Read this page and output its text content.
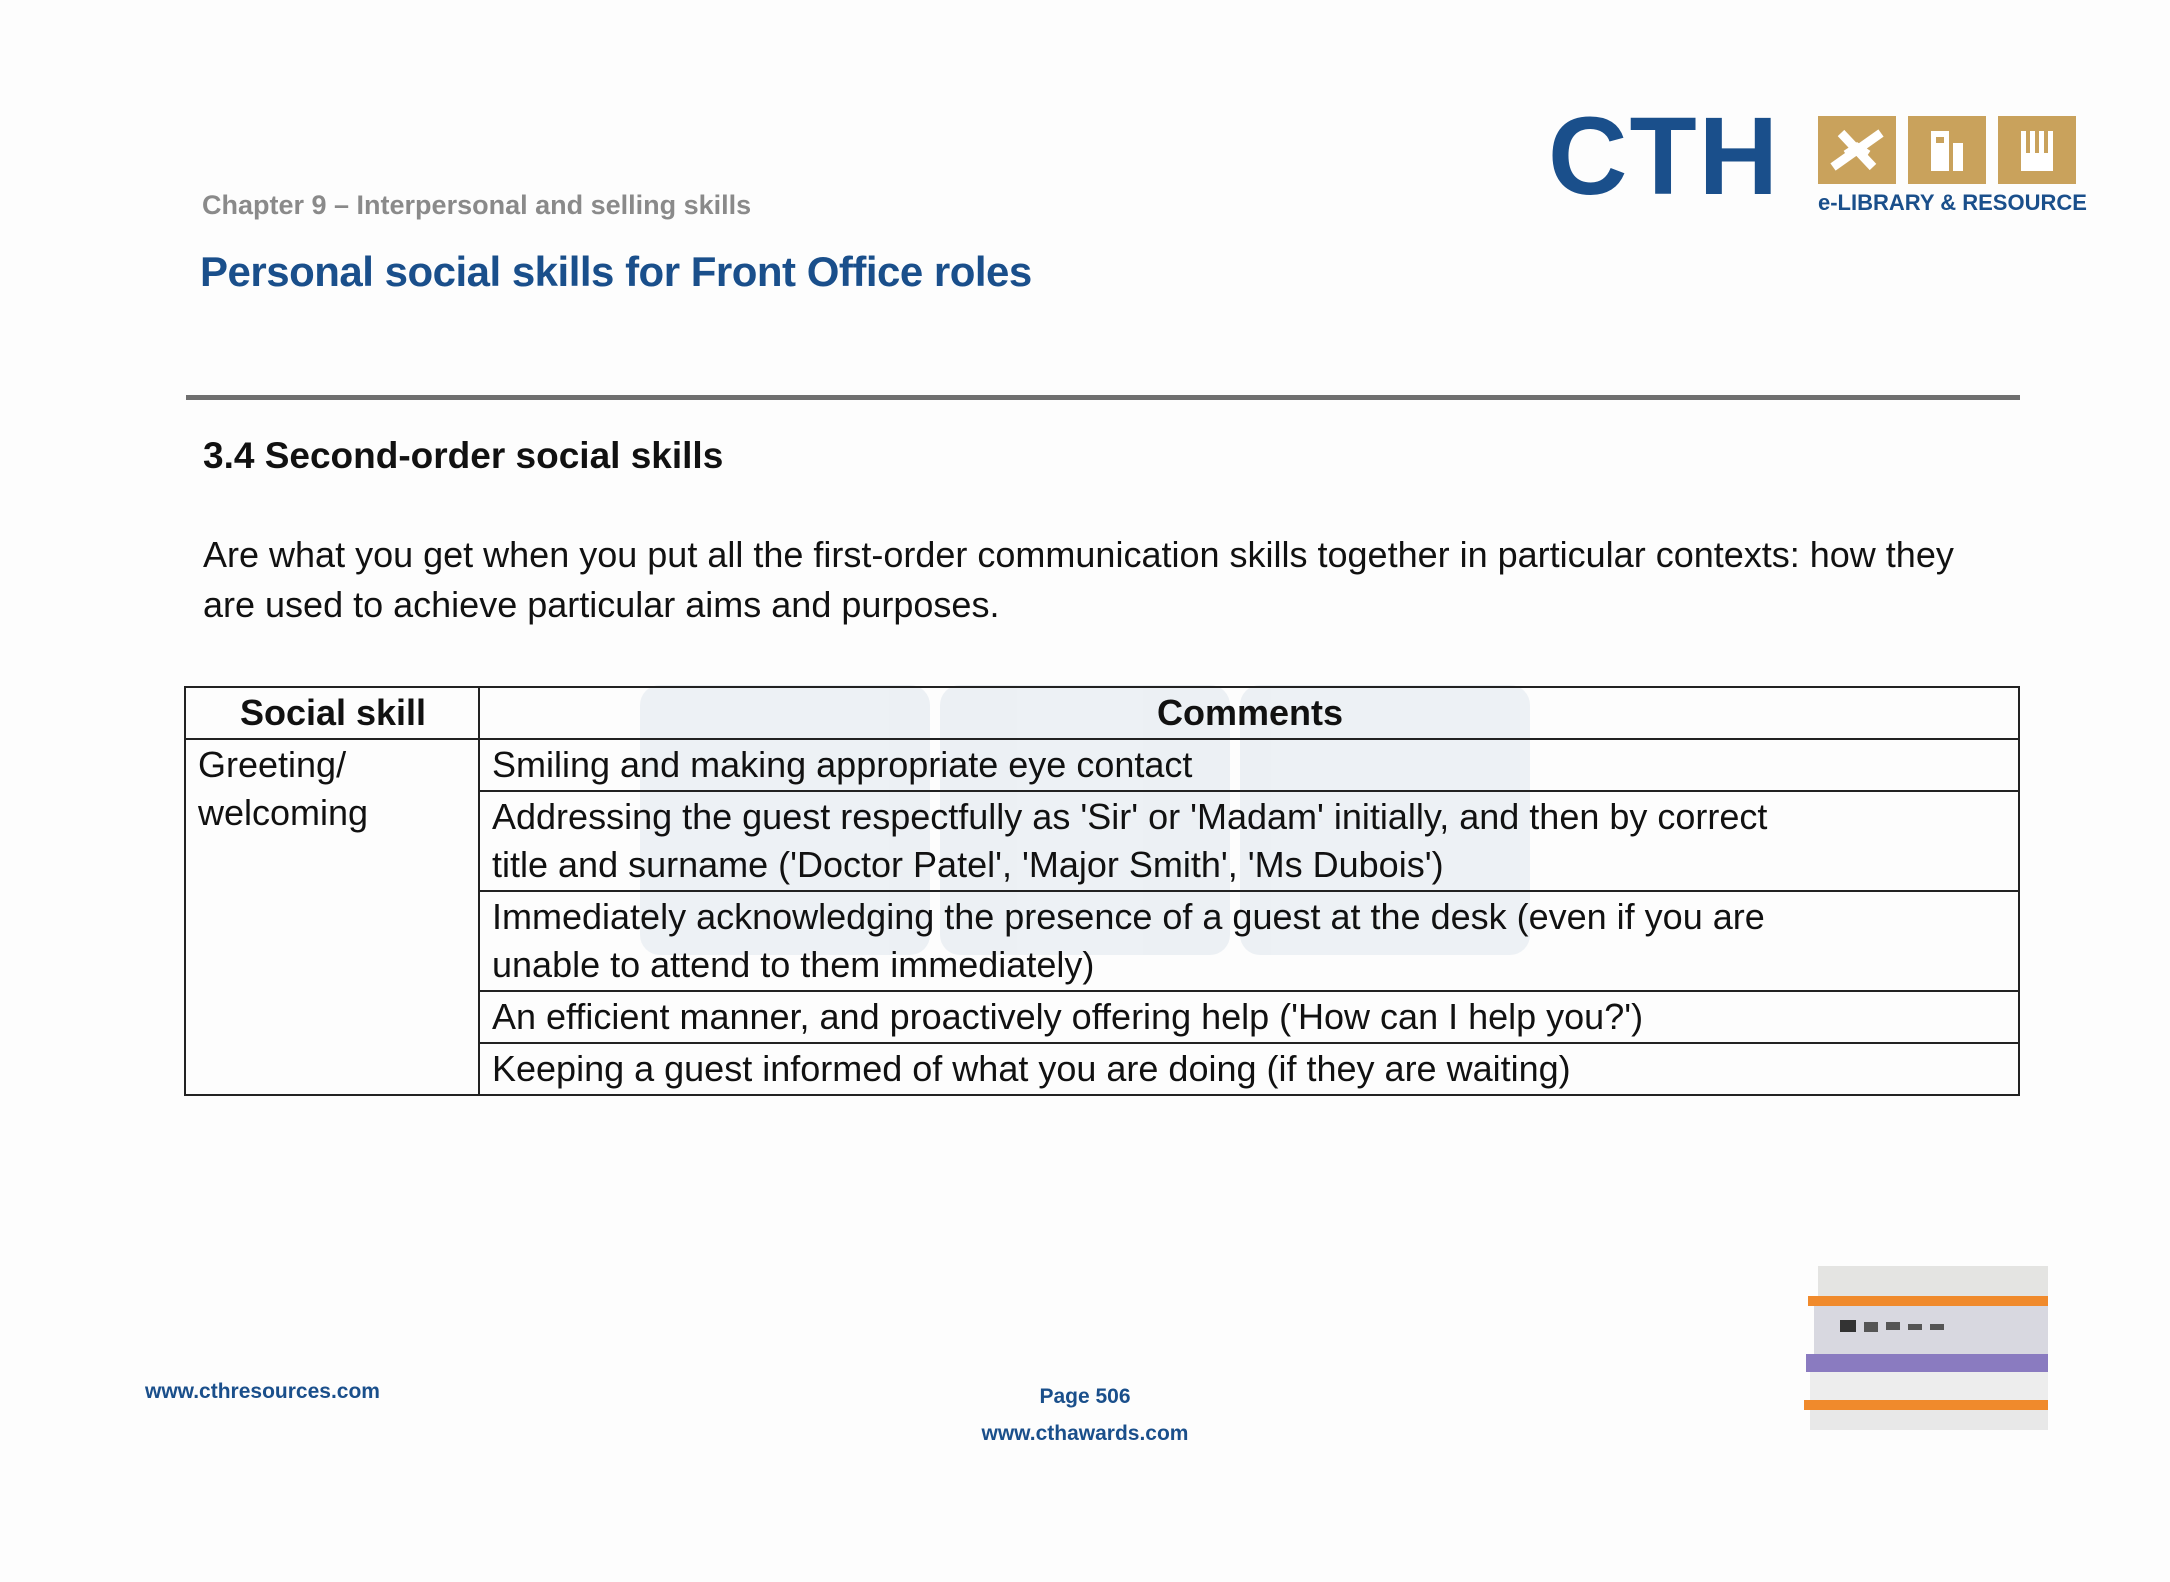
CTH e-LIBRARY & RESOURCE
Chapter 9 – Interpersonal and selling skills
Personal social skills for Front Office roles
3.4 Second-order social skills
Are what you get when you put all the first-order communication skills together in particular contexts: how they are used to achieve particular aims and purposes.
Social skill	Comments
Greeting/ welcoming	Smiling and making appropriate eye contact
	Addressing the guest respectfully as 'Sir' or 'Madam' initially, and then by correct title and surname ('Doctor Patel', 'Major Smith', 'Ms Dubois')
	Immediately acknowledging the presence of a guest at the desk (even if you are unable to attend to them immediately)
	An efficient manner, and proactively offering help ('How can I help you?')
	Keeping a guest informed of what you are doing (if they are waiting)
www.cthresources.com	Page 506
www.cthawards.com
